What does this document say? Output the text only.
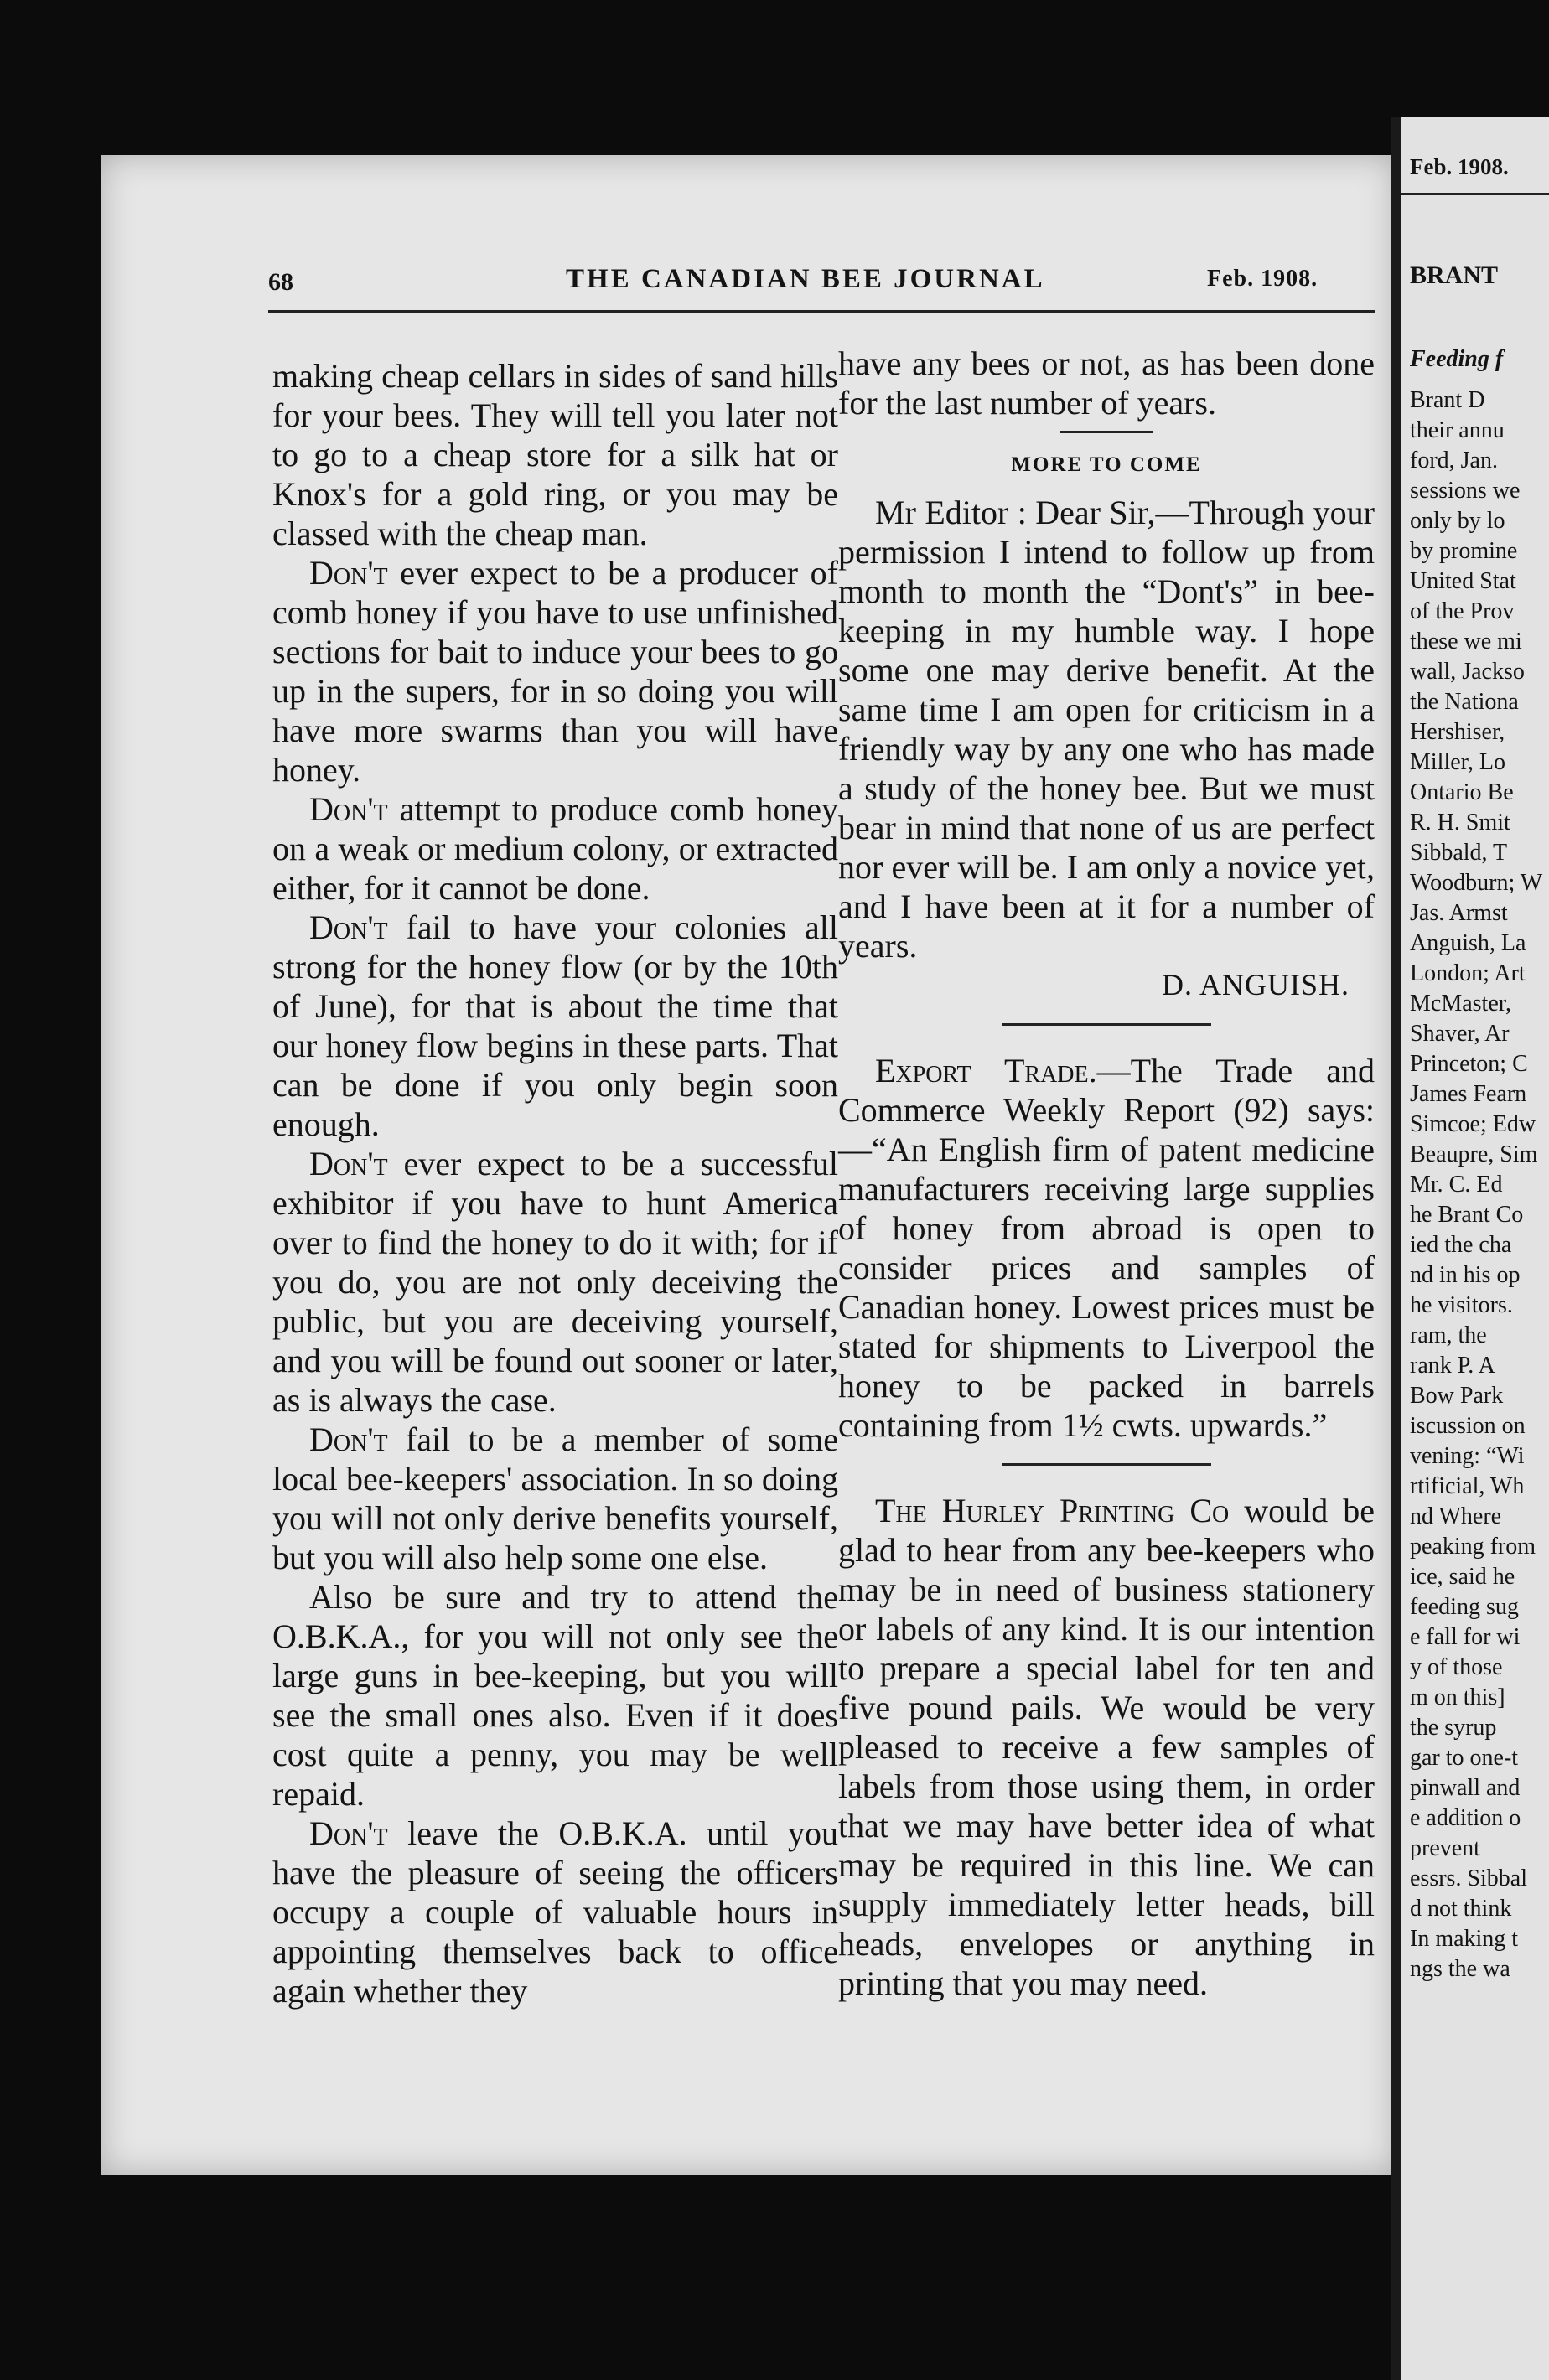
68	THE CANADIAN BEE JOURNAL	Feb. 1908.

making cheap cellars in sides of sand hills for your bees. They will tell you later not to go to a cheap store for a silk hat or Knox's for a gold ring, or you may be classed with the cheap man.

Don't ever expect to be a producer of comb honey if you have to use unfinished sections for bait to induce your bees to go up in the supers, for in so doing you will have more swarms than you will have honey.

Don't attempt to produce comb honey on a weak or medium colony, or extracted either, for it cannot be done.

Don't fail to have your colonies all strong for the honey flow (or by the 10th of June), for that is about the time that our honey flow begins in these parts. That can be done if you only begin soon enough.

Don't ever expect to be a successful exhibitor if you have to hunt America over to find the honey to do it with; for if you do, you are not only deceiving the public, but you are deceiving yourself, and you will be found out sooner or later, as is always the case.

Don't fail to be a member of some local bee-keepers' association. In so doing you will not only derive benefits yourself, but you will also help some one else.

Also be sure and try to attend the O.B.K.A., for you will not only see the large guns in bee-keeping, but you will see the small ones also. Even if it does cost quite a penny, you may be well repaid.

Don't leave the O.B.K.A. until you have the pleasure of seeing the officers occupy a couple of valuable hours in appointing themselves back to office again whether they

have any bees or not, as has been done for the last number of years.

MORE TO COME

Mr Editor : Dear Sir,—Through your permission I intend to follow up from month to month the “Dont's” in bee-keeping in my humble way. I hope some one may derive benefit. At the same time I am open for criticism in a friendly way by any one who has made a study of the honey bee. But we must bear in mind that none of us are perfect nor ever will be. I am only a novice yet, and I have been at it for a number of years.

D. ANGUISH.

Export Trade.—The Trade and Commerce Weekly Report (92) says:—“An English firm of patent medicine manufacturers receiving large supplies of honey from abroad is open to consider prices and samples of Canadian honey. Lowest prices must be stated for shipments to Liverpool the honey to be packed in barrels containing from 1½ cwts. upwards.”

The Hurley Printing Co would be glad to hear from any bee-keepers who may be in need of business stationery or labels of any kind. It is our intention to prepare a special label for ten and five pound pails. We would be very pleased to receive a few samples of labels from those using them, in order that we may have better idea of what may be required in this line. We can supply immediately letter heads, bill heads, envelopes or anything in printing that you may need.

Feb. 1908.
BRANT
Feeding f
Brant D
their annu
ford, Jan.
sessions we
only by lo
by promine
United Stat
of the Prov
these we mi
wall, Jackso
the Nationa
Hershiser,
Miller, Lo
Ontario Be
R. H. Smit
Sibbald, T
Woodburn; W
Jas. Armst
Anguish, La
London; Art
McMaster,
Shaver, Ar
Princeton; C
James Fearn
Simcoe; Edw
Beaupre, Sim
Mr. C. Ed
he Brant Co
ied the cha
nd in his op
he visitors.
ram, the
rank P. A
Bow Park
iscussion on
vening: “Wi
rtificial, Wh
nd Where
peaking from
ice, said he
feeding sug
e fall for wi
y of those
m on this]
the syrup
gar to one-t
pinwall and
e addition o
prevent
essrs. Sibbal
d not think
In making t
ngs the wa
